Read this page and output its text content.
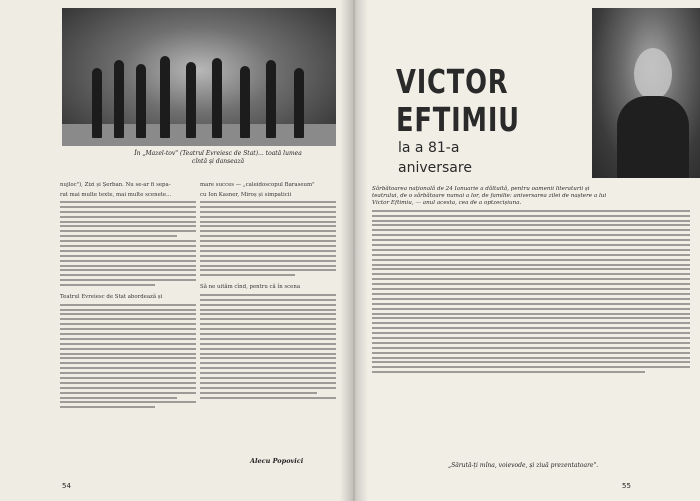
În „Mazel-tov" (Teatrul Evreiesc de Stat)... toată lumea
cîntă și dansează
nujloc"), Zizi și Șerban. Nu se-ar fi sepa-
rat mai multe texte, mai multe scenete...
Teatrul Evreiesc de Stat abordează și
mare succes — „caleidoscopul Baraseum"
cu Ion Kasner, Miroș și simpaticii
Să ne uităm cînd, pentru că în scena
Alecu Popovici
54
VICTOR
EFTIMIU
la a 81-a
aniversare
Sărbătoarea națională de 24 Ianuarie a dăltuită, pentru oamenii literaturii și
teatrului, de o sărbătoare numai a lor, de familie: aniversarea zilei de naștere a lui
Victor Eftimiu, — anul acesta, cea de a optzecișiuna.
„Sărută-ți mîna, voievode, și ziuă prezentatoare".
55
